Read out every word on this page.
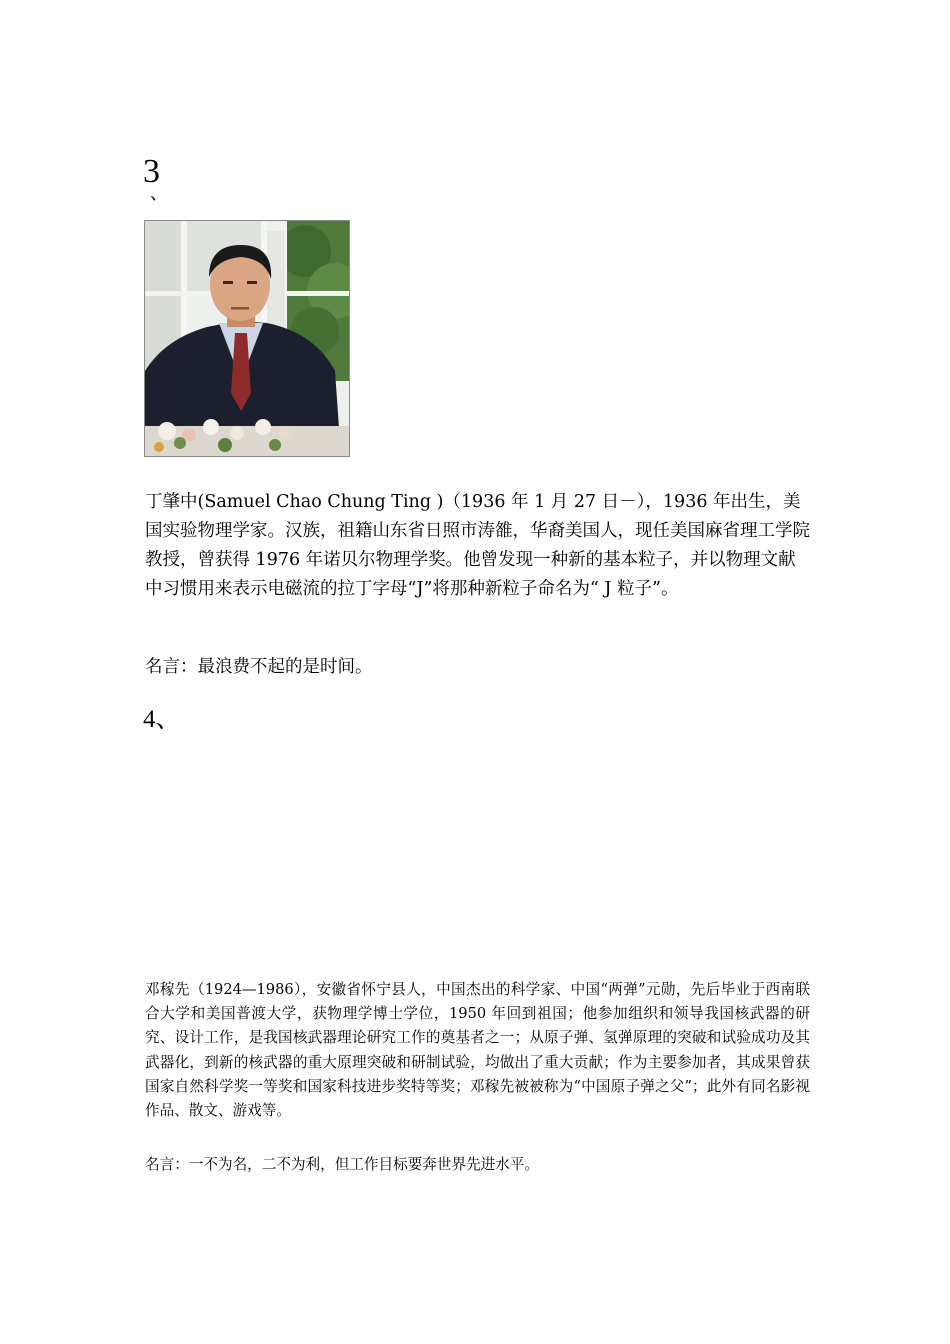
3
、

丁肇中(Samuel Chao Chung Ting )（1936 年 1 月 27 日－），1936 年出生，美国实验物理学家。汉族，祖籍山东省日照市涛雒，华裔美国人，现任美国麻省理工学院教授，曾获得 1976 年诺贝尔物理学奖。他曾发现一种新的基本粒子，并以物理文献中习惯用来表示电磁流的拉丁字母“J”将那种新粒子命名为“ J 粒子”。

名言：最浪费不起的是时间。

4、

邓稼先（1924—1986），安徽省怀宁县人，中国杰出的科学家、中国“两弹”元勋，先后毕业于西南联合大学和美国普渡大学，获物理学博士学位，1950 年回到祖国；他参加组织和领导我国核武器的研究、设计工作，是我国核武器理论研究工作的奠基者之一；从原子弹、氢弹原理的突破和试验成功及其武器化，到新的核武器的重大原理突破和研制试验，均做出了重大贡献；作为主要参加者，其成果曾获国家自然科学奖一等奖和国家科技进步奖特等奖；邓稼先被被称为“中国原子弹之父”；此外有同名影视作品、散文、游戏等。

名言：一不为名，二不为利，但工作目标要奔世界先进水平。
